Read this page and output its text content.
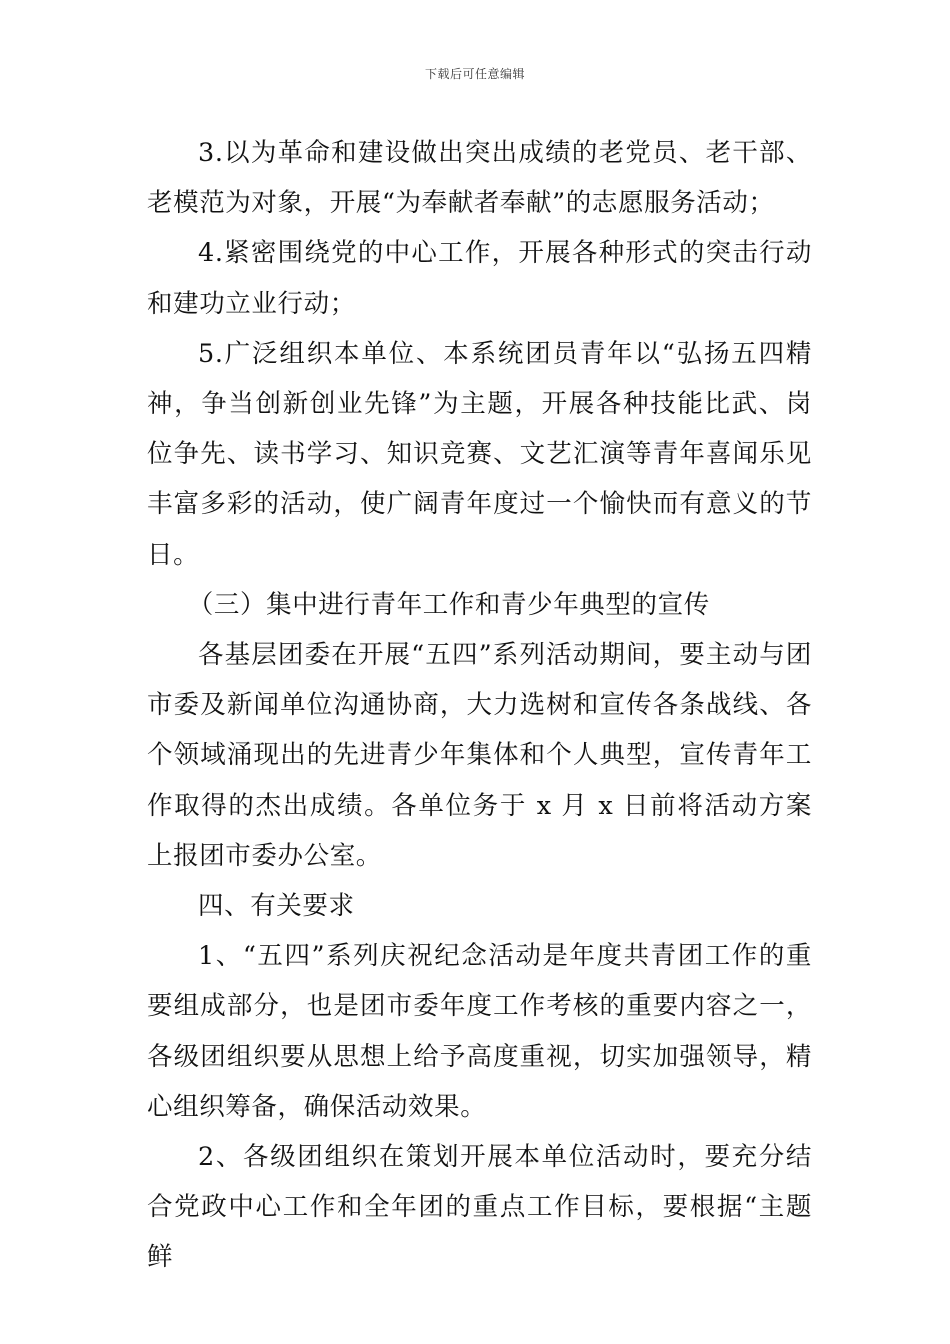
下载后可任意编辑

3.以为革命和建设做出突出成绩的老党员、老干部、老模范为对象，开展“为奉献者奉献”的志愿服务活动；

4.紧密围绕党的中心工作，开展各种形式的突击行动和建功立业行动；

5.广泛组织本单位、本系统团员青年以“弘扬五四精神，争当创新创业先锋”为主题，开展各种技能比武、岗位争先、读书学习、知识竞赛、文艺汇演等青年喜闻乐见丰富多彩的活动，使广阔青年度过一个愉快而有意义的节日。

（三）集中进行青年工作和青少年典型的宣传

各基层团委在开展“五四”系列活动期间，要主动与团市委及新闻单位沟通协商，大力选树和宣传各条战线、各个领域涌现出的先进青少年集体和个人典型，宣传青年工作取得的杰出成绩。各单位务于 x 月 x 日前将活动方案上报团市委办公室。

四、有关要求

1、“五四”系列庆祝纪念活动是年度共青团工作的重要组成部分，也是团市委年度工作考核的重要内容之一，各级团组织要从思想上给予高度重视，切实加强领导，精心组织筹备，确保活动效果。

2、各级团组织在策划开展本单位活动时，要充分结合党政中心工作和全年团的重点工作目标，要根据“主题鲜
